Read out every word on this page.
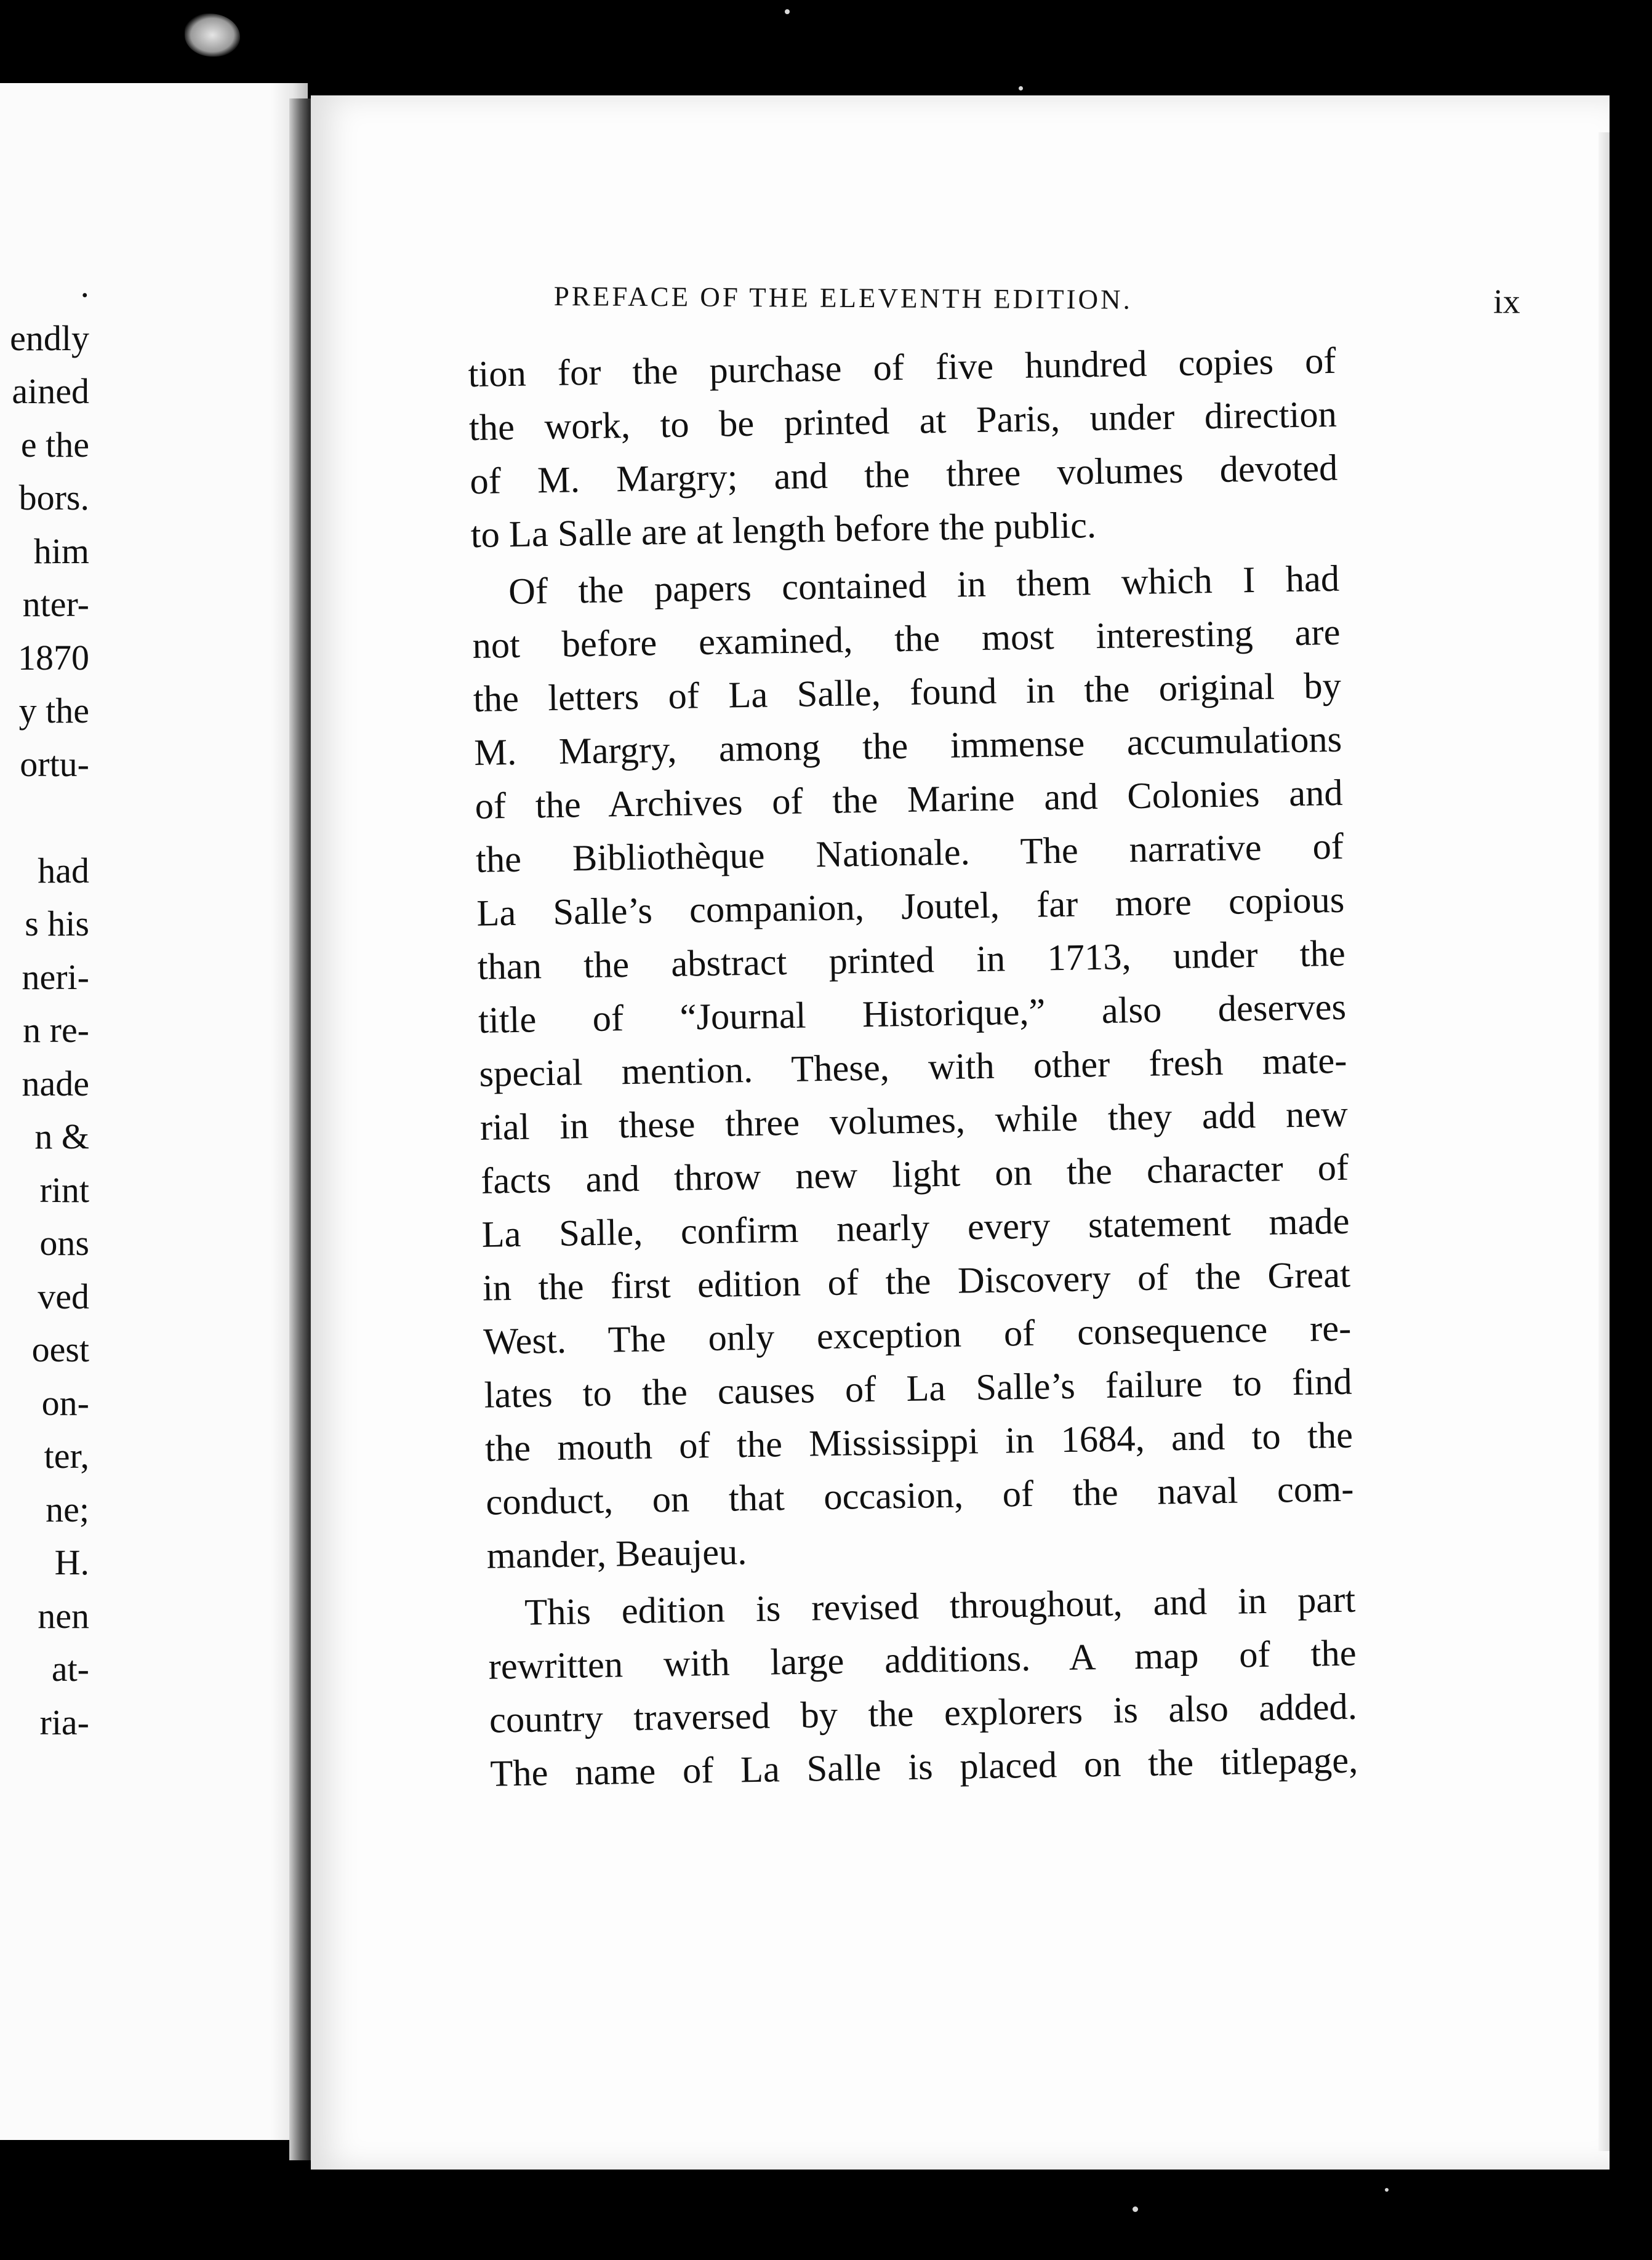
.
endly
ained
e the
bors.
him
nter-
1870
y the
ortu-
had
s his
neri-
n re-
nade
n &
rint
ons
ved
oest
on-
ter,
ne;
H.
nen
at-
ria-
PREFACE OF THE ELEVENTH EDITION.	ix
tion for the purchase of five hundred copies of
the work, to be printed at Paris, under direction
of M. Margry; and the three volumes devoted
to La Salle are at length before the public.
Of the papers contained in them which I had
not before examined, the most interesting are
the letters of La Salle, found in the original by
M. Margry, among the immense accumulations
of the Archives of the Marine and Colonies and
the Bibliothèque Nationale. The narrative of
La Salle’s companion, Joutel, far more copious
than the abstract printed in 1713, under the
title of “Journal Historique,” also deserves
special mention. These, with other fresh mate-
rial in these three volumes, while they add new
facts and throw new light on the character of
La Salle, confirm nearly every statement made
in the first edition of the Discovery of the Great
West. The only exception of consequence re-
lates to the causes of La Salle’s failure to find
the mouth of the Mississippi in 1684, and to the
conduct, on that occasion, of the naval com-
mander, Beaujeu.
This edition is revised throughout, and in part
rewritten with large additions. A map of the
country traversed by the explorers is also added.
The name of La Salle is placed on the titlepage,
